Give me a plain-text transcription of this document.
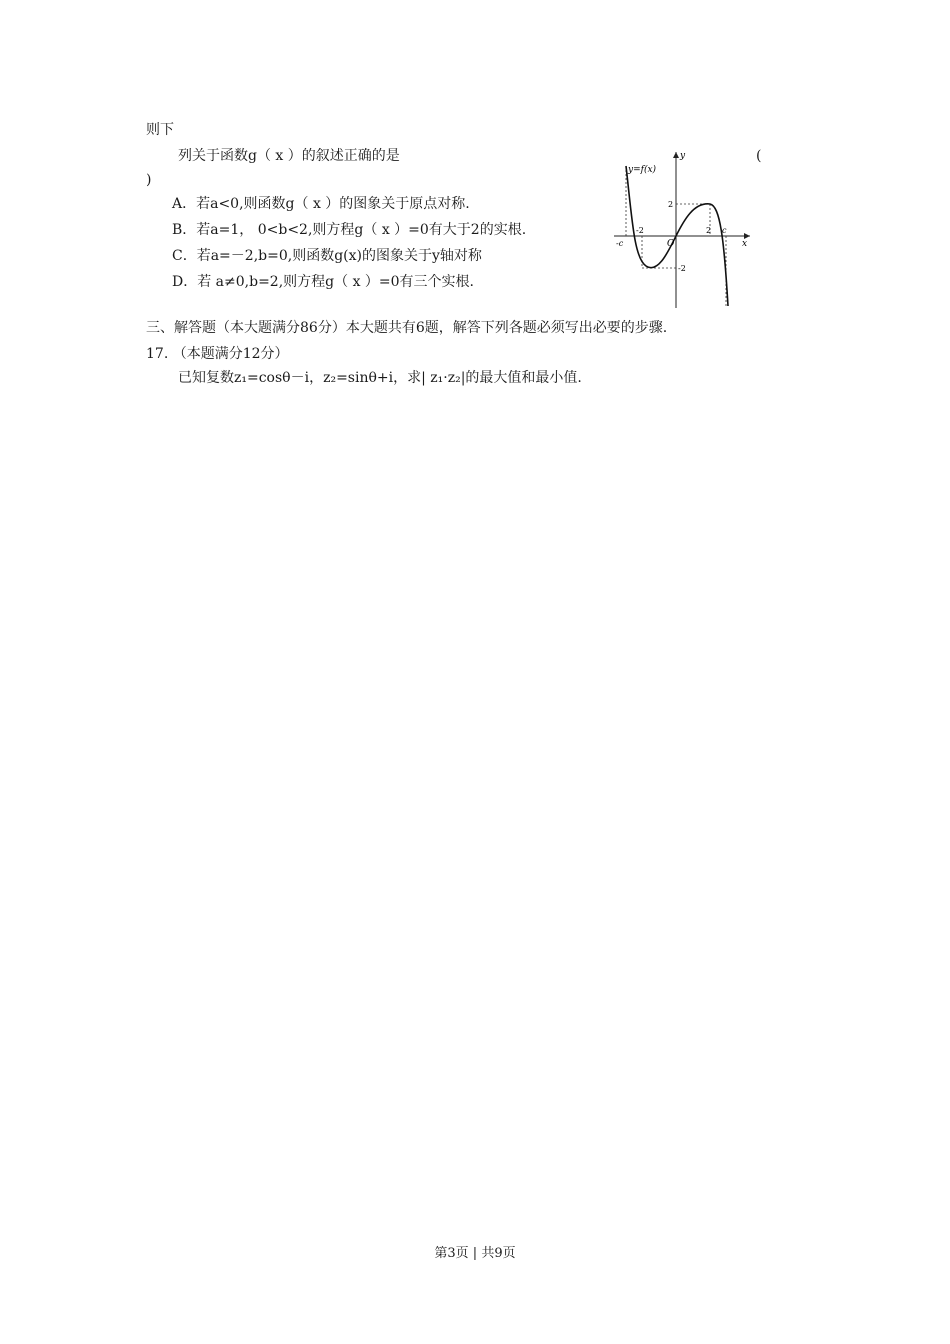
则下
列关于函数g（ x ）的叙述正确的是	(
)
A．若a<0,则函数g（ x ）的图象关于原点对称.
B．若a=1， 0<b<2,则方程g（ x ）=0有大于2的实根.
C．若a=－2,b=0,则函数g(x)的图象关于y轴对称
D．若 a≠0,b=2,则方程g（ x ）=0有三个实根.
y=f(x)
y
x
O
2
-2
2
-2	c
-c
三、解答题（本大题满分86分）本大题共有6题，解答下列各题必须写出必要的步骤.
17. （本题满分12分）
已知复数z₁=cosθ－i，z₂=sinθ+i，求| z₁·z₂|的最大值和最小值.
第3页 | 共9页
